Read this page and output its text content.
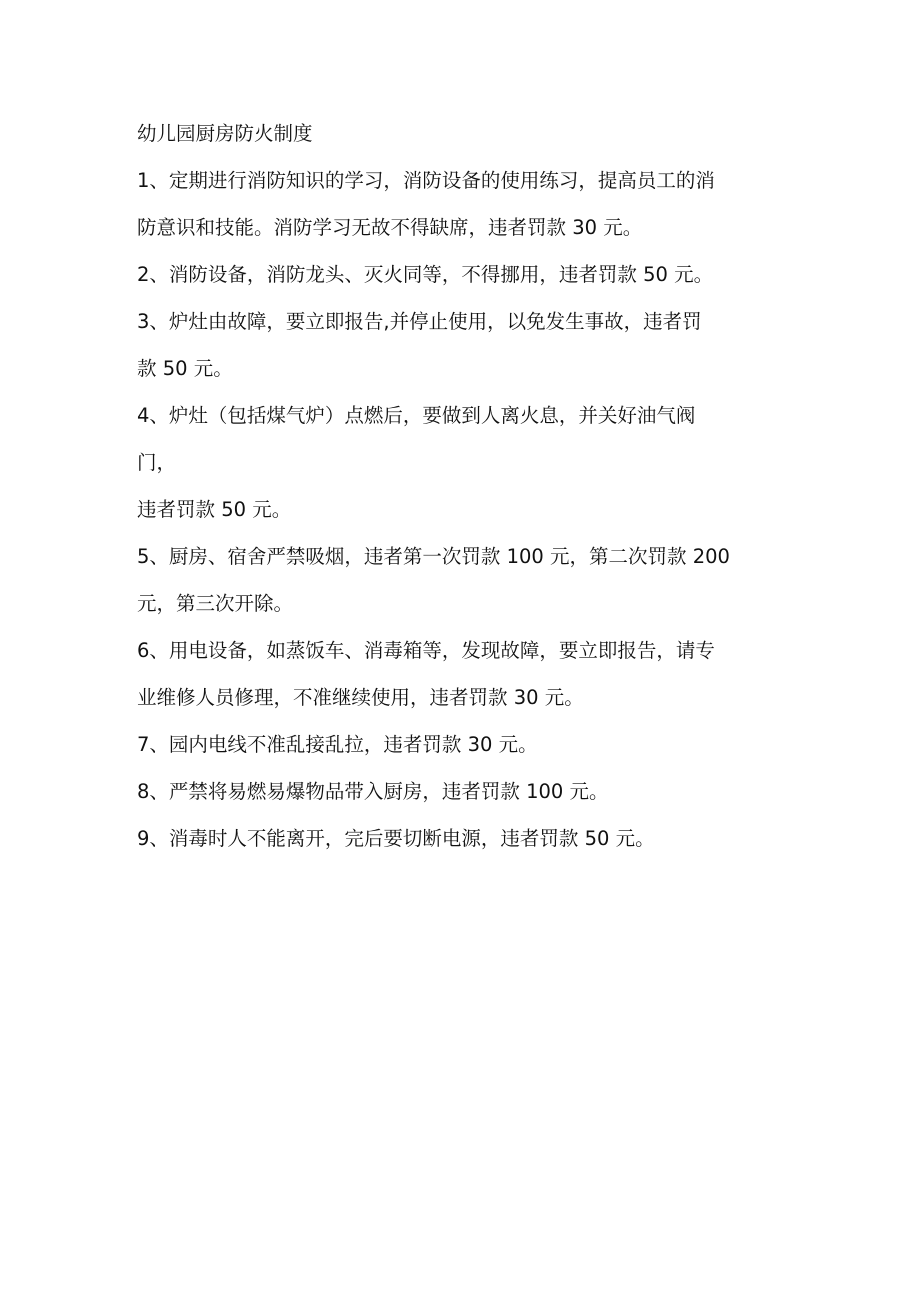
幼儿园厨房防火制度
1、定期进行消防知识的学习，消防设备的使用练习，提高员工的消
防意识和技能。消防学习无故不得缺席，违者罚款 30 元。
2、消防设备，消防龙头、灭火同等，不得挪用，违者罚款 50 元。
3、炉灶由故障，要立即报告,并停止使用，以免发生事故，违者罚
款 50 元。
4、炉灶（包括煤气炉）点燃后，要做到人离火息，并关好油气阀
门，
违者罚款 50 元。
5、厨房、宿舍严禁吸烟，违者第一次罚款 100 元，第二次罚款 200
元，第三次开除。
6、用电设备，如蒸饭车、消毒箱等，发现故障，要立即报告，请专
业维修人员修理，不准继续使用，违者罚款 30 元。
7、园内电线不准乱接乱拉，违者罚款 30 元。
8、严禁将易燃易爆物品带入厨房，违者罚款 100 元。
9、消毒时人不能离开，完后要切断电源，违者罚款 50 元。
